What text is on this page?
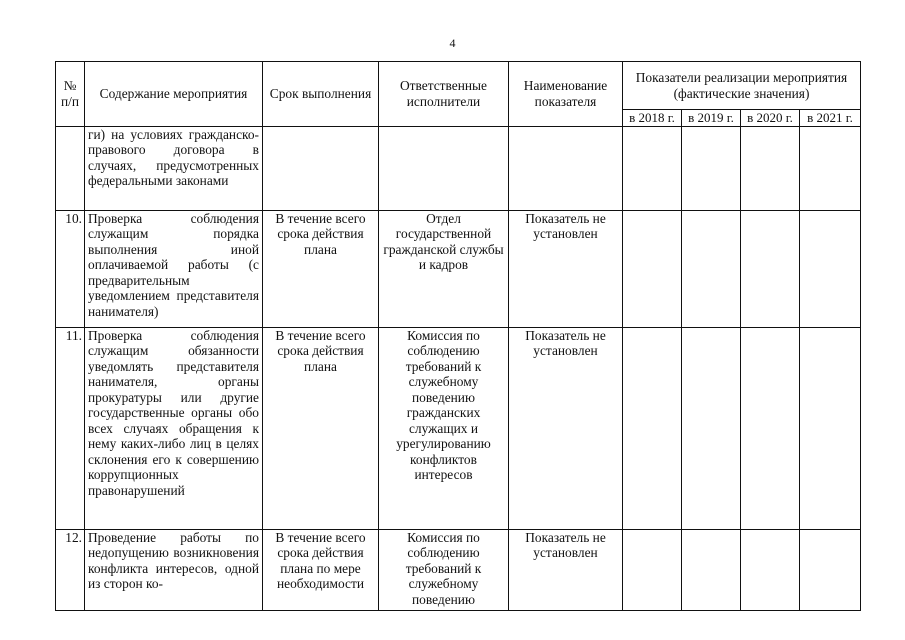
4
№ п/п	Содержание мероприятия	Срок выполнения	Ответственные исполнители	Наименование показателя	Показатели реализации мероприятия (фактические значения)			
					в 2018 г.	в 2019 г.	в 2020 г.	в 2021 г.
	ги) на условиях гражданско-правового договора в случаях, предусмотренных федеральными законами							
10.	Проверка соблюдения служащим порядка выполнения иной оплачиваемой работы (с предварительным уведомлением представителя нанимателя)	В течение всего срока действия плана	Отдел государственной гражданской службы и кадров	Показатель не установлен				
11.	Проверка соблюдения служащим обязанности уведомлять представителя нанимателя, органы прокуратуры или другие государственные органы обо всех случаях обращения к нему каких-либо лиц в целях склонения его к совершению коррупционных правонарушений	В течение всего срока действия плана	Комиссия по соблюдению требований к служебному поведению гражданских служащих и урегулированию конфликтов интересов	Показатель не установлен				
12.	Проведение работы по недопущению возникновения конфликта интересов, одной из сторон ко-	В течение всего срока действия плана по мере необходимости	Комиссия по соблюдению требований к служебному поведению	Показатель не установлен				
